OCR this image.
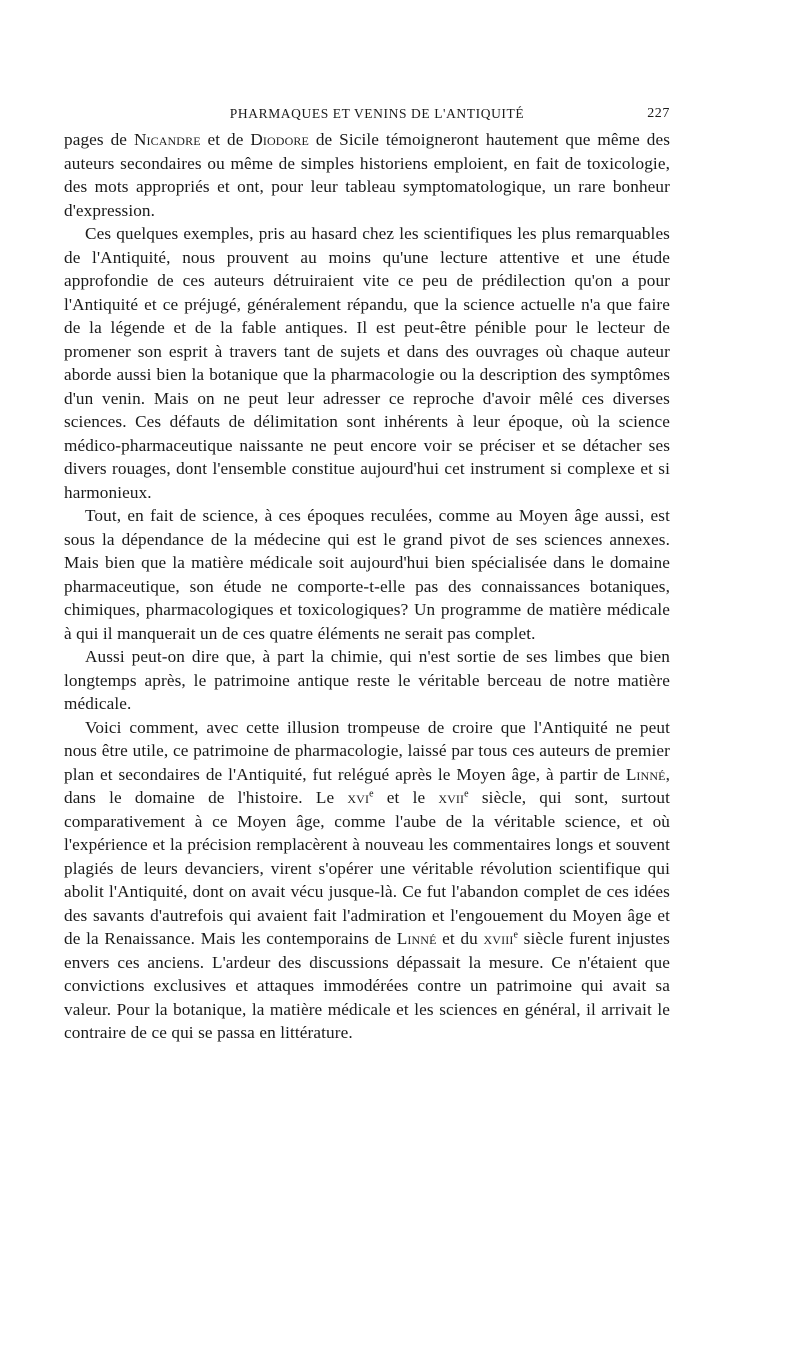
PHARMAQUES ET VENINS DE L'ANTIQUITÉ	227

pages de Nicandre et de Diodore de Sicile témoigneront hautement que même des auteurs secondaires ou même de simples historiens emploient, en fait de toxicologie, des mots appropriés et ont, pour leur tableau symptomatologique, un rare bonheur d'expression.

Ces quelques exemples, pris au hasard chez les scientifiques les plus remarquables de l'Antiquité, nous prouvent au moins qu'une lecture attentive et une étude approfondie de ces auteurs détruiraient vite ce peu de prédilection qu'on a pour l'Antiquité et ce préjugé, généralement répandu, que la science actuelle n'a que faire de la légende et de la fable antiques. Il est peut-être pénible pour le lecteur de promener son esprit à travers tant de sujets et dans des ouvrages où chaque auteur aborde aussi bien la botanique que la pharmacologie ou la description des symptômes d'un venin. Mais on ne peut leur adresser ce reproche d'avoir mêlé ces diverses sciences. Ces défauts de délimitation sont inhérents à leur époque, où la science médico-pharmaceutique naissante ne peut encore voir se préciser et se détacher ses divers rouages, dont l'ensemble constitue aujourd'hui cet instrument si complexe et si harmonieux.

Tout, en fait de science, à ces époques reculées, comme au Moyen âge aussi, est sous la dépendance de la médecine qui est le grand pivot de ses sciences annexes. Mais bien que la matière médicale soit aujourd'hui bien spécialisée dans le domaine pharmaceutique, son étude ne comporte-t-elle pas des connaissances botaniques, chimiques, pharmacologiques et toxicologiques? Un programme de matière médicale à qui il manquerait un de ces quatre éléments ne serait pas complet.

Aussi peut-on dire que, à part la chimie, qui n'est sortie de ses limbes que bien longtemps après, le patrimoine antique reste le véritable berceau de notre matière médicale.

Voici comment, avec cette illusion trompeuse de croire que l'Antiquité ne peut nous être utile, ce patrimoine de pharmacologie, laissé par tous ces auteurs de premier plan et secondaires de l'Antiquité, fut relégué après le Moyen âge, à partir de Linné, dans le domaine de l'histoire. Le xvi$^e$ et le xvii$^e$ siècle, qui sont, surtout comparativement à ce Moyen âge, comme l'aube de la véritable science, et où l'expérience et la précision remplacèrent à nouveau les commentaires longs et souvent plagiés de leurs devanciers, virent s'opérer une véritable révolution scientifique qui abolit l'Antiquité, dont on avait vécu jusque-là. Ce fut l'abandon complet de ces idées des savants d'autrefois qui avaient fait l'admiration et l'engouement du Moyen âge et de la Renaissance. Mais les contemporains de Linné et du xviii$^e$ siècle furent injustes envers ces anciens. L'ardeur des discussions dépassait la mesure. Ce n'étaient que convictions exclusives et attaques immodérées contre un patrimoine qui avait sa valeur. Pour la botanique, la matière médicale et les sciences en général, il arrivait le contraire de ce qui se passa en littérature.
